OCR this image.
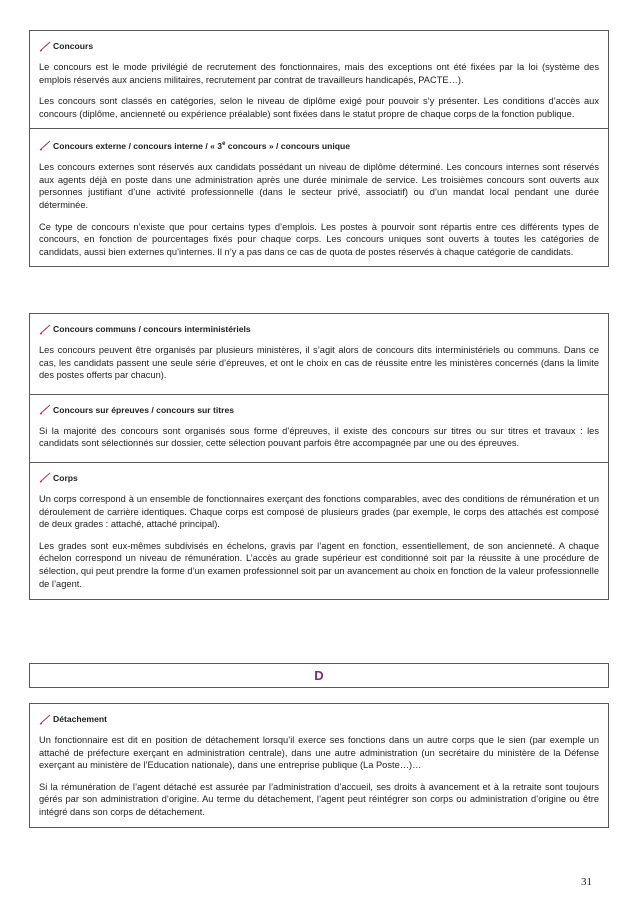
Concours

Le concours est le mode privilégié de recrutement des fonctionnaires, mais des exceptions ont été fixées par la loi (système des emplois réservés aux anciens militaires, recrutement par contrat de travailleurs handicapés, PACTE…).

Les concours sont classés en catégories, selon le niveau de diplôme exigé pour pouvoir s’y présenter. Les conditions d’accès aux concours (diplôme, ancienneté ou expérience préalable) sont fixées dans le statut propre de chaque corps de la fonction publique.

Concours externe / concours interne / « 3e concours » / concours unique

Les concours externes sont réservés aux candidats possédant un niveau de diplôme déterminé. Les concours internes sont réservés aux agents déjà en poste dans une administration après une durée minimale de service. Les troisièmes concours sont ouverts aux personnes justifiant d’une activité professionnelle (dans le secteur privé, associatif) ou d’un mandat local pendant une durée déterminée.

Ce type de concours n’existe que pour certains types d’emplois. Les postes à pourvoir sont répartis entre ces différents types de concours, en fonction de pourcentages fixés pour chaque corps. Les concours uniques sont ouverts à toutes les catégories de candidats, aussi bien externes qu’internes. Il n’y a pas dans ce cas de quota de postes réservés à chaque catégorie de candidats.

Concours communs / concours interministériels

Les concours peuvent être organisés par plusieurs ministères, il s’agit alors de concours dits interministériels ou communs. Dans ce cas, les candidats passent une seule série d’épreuves, et ont le choix en cas de réussite entre les ministères concernés (dans la limite des postes offerts par chacun).

Concours sur épreuves / concours sur titres

Si la majorité des concours sont organisés sous forme d’épreuves, il existe des concours sur titres ou sur titres et travaux : les candidats sont sélectionnés sur dossier, cette sélection pouvant parfois être accompagnée par une ou des épreuves.

Corps

Un corps correspond à un ensemble de fonctionnaires exerçant des fonctions comparables, avec des conditions de rémunération et un déroulement de carrière identiques. Chaque corps est composé de plusieurs grades (par exemple, le corps des attachés est composé de deux grades : attaché, attaché principal).

Les grades sont eux-mêmes subdivisés en échelons, gravis par l’agent en fonction, essentiellement, de son ancienneté. A chaque échelon correspond un niveau de rémunération. L’accès au grade supérieur est conditionné soit par la réussite à une procédure de sélection, qui peut prendre la forme d’un examen professionnel soit par un avancement au choix en fonction de la valeur professionnelle de l’agent.

D
Détachement

Un fonctionnaire est dit en position de détachement lorsqu’il exerce ses fonctions dans un autre corps que le sien (par exemple un attaché de préfecture exerçant en administration centrale), dans une autre administration (un secrétaire du ministère de la Défense exerçant au ministère de l’Education nationale), dans une entreprise publique (La Poste…)…

Si la rémunération de l’agent détaché est assurée par l’administration d’accueil, ses droits à avancement et à la retraite sont toujours gérés par son administration d’origine. Au terme du détachement, l’agent peut réintégrer son corps ou administration d’origine ou être intégré dans son corps de détachement.

31
